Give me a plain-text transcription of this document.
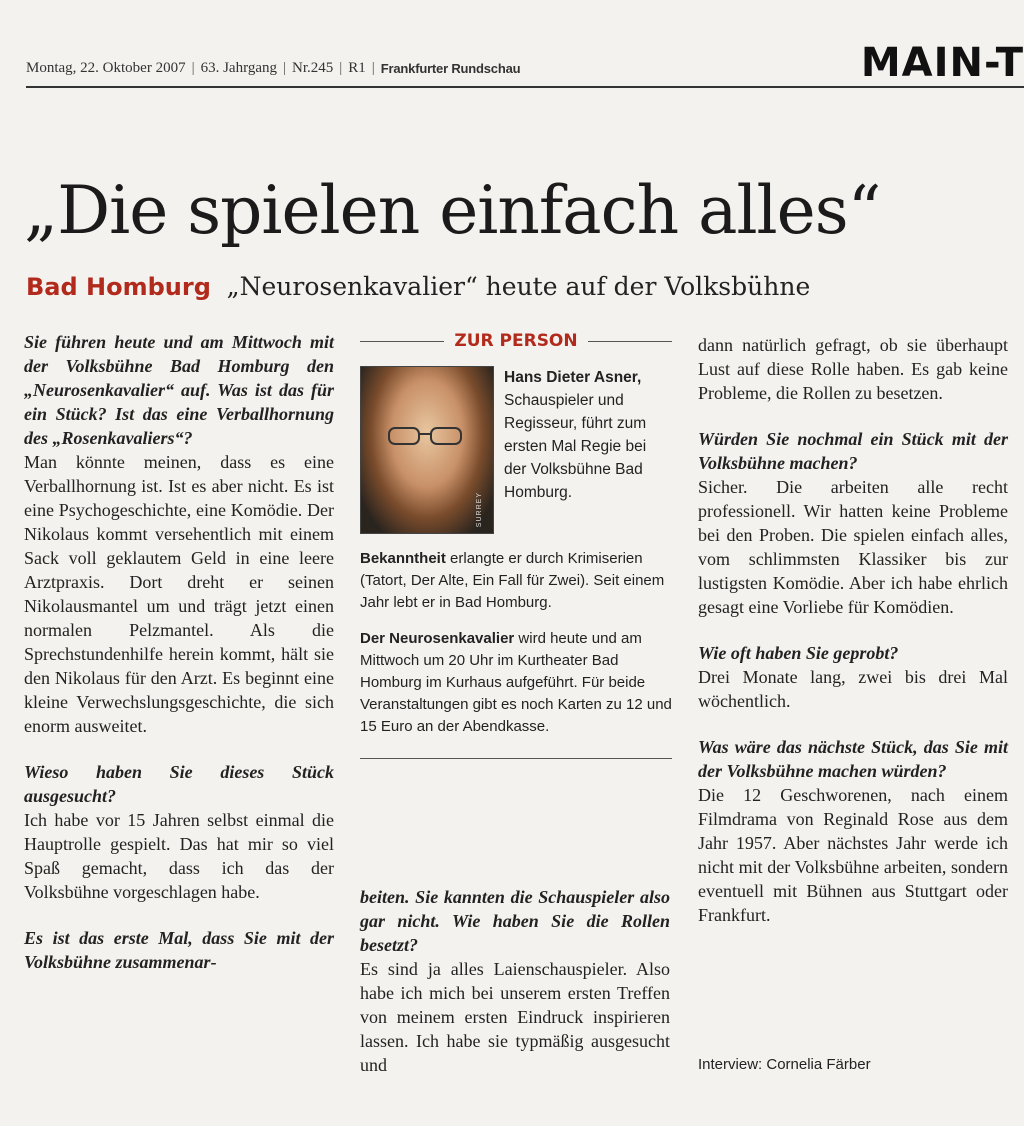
Montag, 22. Oktober 2007 | 63. Jahrgang | Nr.245 | R1 | Frankfurter Rundschau	MAIN-T
„Die spielen einfach alles“
Bad Homburg „Neurosenkavalier“ heute auf der Volksbühne

Sie führen heute und am Mittwoch mit der Volksbühne Bad Homburg den „Neurosenkavalier“ auf. Was ist das für ein Stück? Ist das eine Verballhornung des „Rosenkavaliers“?

Man könnte meinen, dass es eine Verballhornung ist. Ist es aber nicht. Es ist eine Psychogeschichte, eine Komödie. Der Nikolaus kommt versehentlich mit einem Sack voll geklautem Geld in eine leere Arztpraxis. Dort dreht er seinen Nikolausmantel um und trägt jetzt einen normalen Pelzmantel. Als die Sprechstundenhilfe herein kommt, hält sie den Nikolaus für den Arzt. Es beginnt eine kleine Verwechslungsgeschichte, die sich enorm ausweitet.

Wieso haben Sie dieses Stück ausgesucht?

Ich habe vor 15 Jahren selbst einmal die Hauptrolle gespielt. Das hat mir so viel Spaß gemacht, dass ich das der Volksbühne vorgeschlagen habe.

Es ist das erste Mal, dass Sie mit der Volksbühne zusammenar-

ZUR PERSON
SURREY
Hans Dieter Asner,
Schauspieler und Regisseur, führt zum ersten Mal Regie bei der Volksbühne Bad Homburg.
Bekanntheit erlangte er durch Krimiserien (Tatort, Der Alte, Ein Fall für Zwei). Seit einem Jahr lebt er in Bad Homburg.
Der Neurosenkavalier wird heute und am Mittwoch um 20 Uhr im Kurtheater Bad Homburg im Kurhaus aufgeführt. Für beide Veranstaltungen gibt es noch Karten zu 12 und 15 Euro an der Abendkasse.

beiten. Sie kannten die Schauspieler also gar nicht. Wie haben Sie die Rollen besetzt?

Es sind ja alles Laienschauspieler. Also habe ich mich bei unserem ersten Treffen von meinem ersten Eindruck inspirieren lassen. Ich habe sie typmäßig ausgesucht und

dann natürlich gefragt, ob sie überhaupt Lust auf diese Rolle haben. Es gab keine Probleme, die Rollen zu besetzen.

Würden Sie nochmal ein Stück mit der Volksbühne machen?

Sicher. Die arbeiten alle recht professionell. Wir hatten keine Probleme bei den Proben. Die spielen einfach alles, vom schlimmsten Klassiker bis zur lustigsten Komödie. Aber ich habe ehrlich gesagt eine Vorliebe für Komödien.

Wie oft haben Sie geprobt?

Drei Monate lang, zwei bis drei Mal wöchentlich.

Was wäre das nächste Stück, das Sie mit der Volksbühne machen würden?

Die 12 Geschworenen, nach einem Filmdrama von Reginald Rose aus dem Jahr 1957. Aber nächstes Jahr werde ich nicht mit der Volksbühne arbeiten, sondern eventuell mit Bühnen aus Stuttgart oder Frankfurt.

Interview: Cornelia Färber
